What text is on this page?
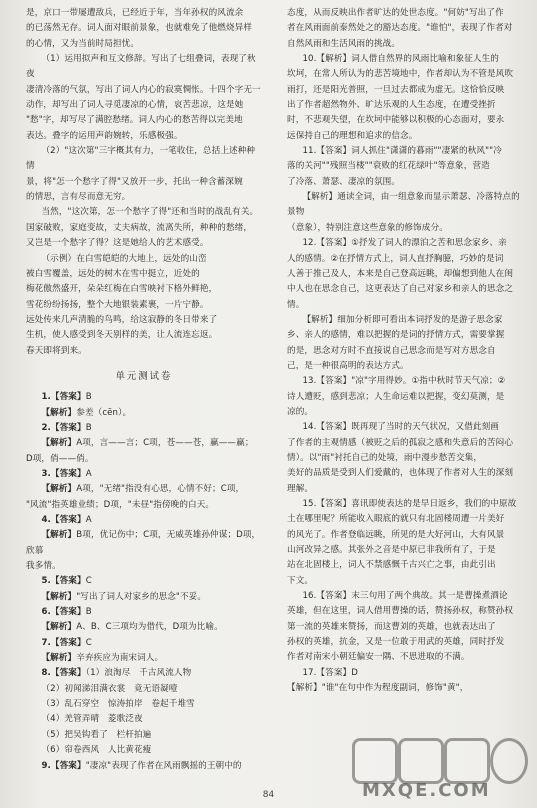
是，京口一带屡遭敌兵，已经近于年，当年孙权的风流余

的已荡然无存。词人面对眼前景象，也就难免了他燃烧异样

的心情，又为当前时局担忧。

（1）运用拟声和互文修辞。写出了七组叠词，表现了秋夜

凄清冷落的气氛，写出了词人内心的寂寞惆怅。十四个字无一

动作，却写出了词人寻觅凄凉的心情，哀苦悲凉，这是她

"愁"字，却写尽了满腔愁绪。词人内心的愁苦得以完美地

表达。叠字的运用声韵婉转，乐感极强。

（2）"这次第"三字概其有力，一笔收住，总括上述种种情

景，将"怎一个愁字了得"又放开一步，托出一种含蓄深婉

的情思，言有尽而意无穷。

当然，"这次第，怎一个愁字了得"还和当时的战乱有关。

国家破败，家庭变故，丈夫病故，流离失所，种种的愁绪，

又岂是一个愁字了得？这是她给人的艺术感受。

（示例）在白雪皑皑的大地上，远处的山峦

被白雪覆盖，远处的树木在雪中挺立，近处的

梅花傲然盛开，朵朵红梅在白雪映衬下格外鲜艳，

雪花纷纷扬扬，整个大地银装素裹，一片宁静。

远处传来几声清脆的鸟鸣，给这寂静的冬日带来了

生机，使人感受到冬天别样的美，让人流连忘返。

春天即将到来。

单元测试卷

1.【答案】B

【解析】参差（cēn）。

2.【答案】B

【解析】A项，言——言；C项，苍——苍，赢——赢；

D项，俏——俏。

3.【答案】A

【解析】A项，"无绪"指没有心思，心情不好；C项，

"风流"指英雄业绩；D项，"未昼"指傍晚的白天。

4.【答案】A

【解析】B项，优记伤中；C项，无威英雄孙仲谋；D项，欣慕

我多情。

5.【答案】C

【解析】"写出了词人对家乡的思念"不妥。

6.【答案】B

【解析】A、B、C三项均为借代，D项为比喻。

7.【答案】C

【解析】辛弃疾应为南宋词人。

8.【答案】（1）浪淘尽　千古风流人物

（2）初闻涕泪满衣裳　竟无语凝噎

（3）乱石穿空　惊涛拍岸　卷起千堆雪

（4）羌管弄晴　菱歌泛夜

（5）把吴钩看了　栏杆拍遍

（6）帘卷西风　人比黄花瘦

9.【答案】"凄凉"表现了作者在风雨飘摇的王朝中的

态度，从而反映出作者旷达的处世态度。"何妨"写出了作

者在风雨面前泰然处之的豁达态度。"谁怕"，表现了作者对

自然风雨和生活风雨的挑战。

10.【解析】词人借自然界的风雨比喻和象征人生的

坎坷，在常人所认为的悲苦境地中，作者却认为不管是风吹

雨打，还是阳光普照，一旦过去都成为虚无。这恰恰反映

出了作者超然物外、旷达乐观的人生态度，在遭受挫折

时，不悲观失望，在坎坷中能够以积极的心态面对，要永

远保持自己的理想和追求的信念。

11.【答案】词人抓住"潇潇的暮雨""凄紧的秋风""冷

落的关河""残照当楼""衰败的红花绿叶"等意象，营造

了冷落、萧瑟、凄凉的氛围。

【解析】通读全词，由一组意象而显示萧瑟、冷落特点的景物

（意象），特别注意这些意象的修饰成分。

12.【答案】①抒发了词人的漂泊之苦和思念家乡、亲

人的感情。②在抒情方式上，词人直抒胸臆，巧妙的是词

人善于推己及人，本来是自己登高远眺，却偏想到他人在闺

中人也在思念自己，这更表达了自己对家乡和亲人的思念之

情。

【解析】细加分析即可看出本词抒发的是游子思念家

乡、亲人的感情，难以把握的是词的抒情方式，需要掌握

的是，思念对方时不直接说自己思念而是写对方思念自

己，是一种很高明的表达方式。

13.【答案】"凉"字用得妙。①指中秋时节天气凉；②

诗人遭贬，感到悲凉；人生命运难以把握，变幻莫测，是

凉的。

14.【答案】既再现了当时的天气状况，又借此刻画

了作者的主观情感（被贬之后的孤寂之感和失意后的苦闷心

情）。以"雨"衬托自己的处境，雨中漫步愁苦交集，

美好的品质是受到人们爱戴的，也体现了作者对人生的深刻

理解。

15.【答案】喜讯即使表达的是早日返乡，我们的中原故

土在哪里呢？所能收入眼底的就只有北固楼周遭一片美好

的风光了。作者登临远眺，所见的是大好河山，大有风景

山河改异之感。其张外之音是中原已非我所有了，于是

站在北固楼上，词人不禁感慨千古兴亡之事，由此引出

下文。

16.【答案】末三句用了两个典故。其一是曹操煮酒论

英雄，但在这里，词人借用曹操的话，赞扬孙权，称赞孙权

第一流的英雄来赞扬，而这曹刘的英雄，也就表达出了

孙权的英雄，抗金，又是一位敢于用武的英雄，同时抒发

作者对南宋小朝廷偏安一隅、不思进取的不满。

17.【答案】D

【解析】"谁"在句中作为程度副词，修饰"黄"，

84	MXQE.COM
